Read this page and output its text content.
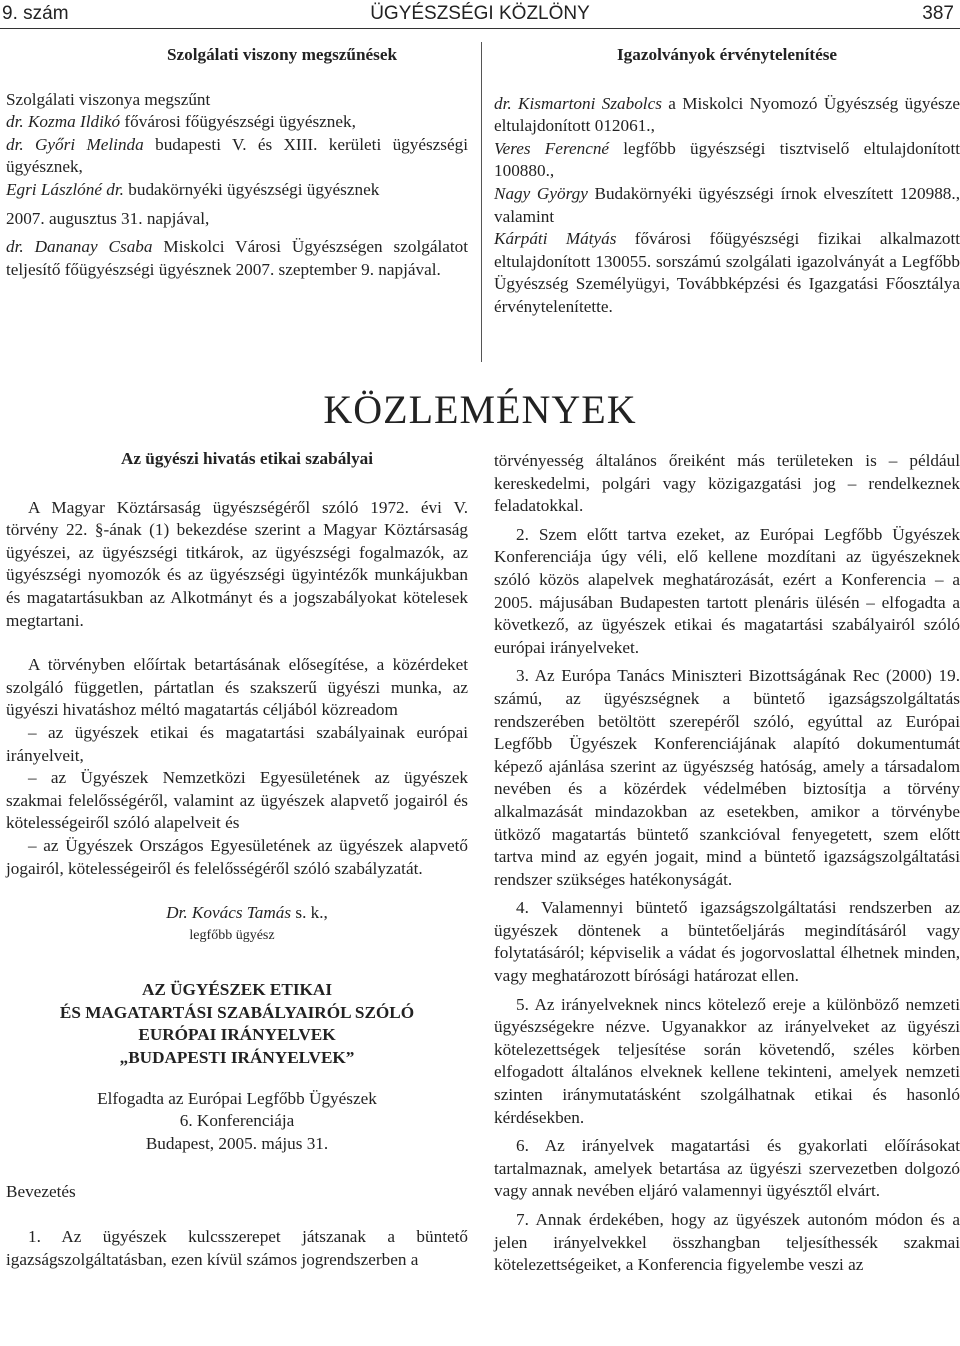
ÜGYÉSZSÉGI KÖZLÖNY
9. szám	387

Szolgálati viszony megszűnések

Szolgálati viszonya megszűnt

dr. Kozma Ildikó fővárosi főügyészségi ügyésznek,

dr. Győri Melinda budapesti V. és XIII. kerületi ügyészségi ügyésznek,

Egri Lászlóné dr. budakörnyéki ügyészségi ügyésznek

2007. augusztus 31. napjával,

dr. Dananay Csaba Miskolci Városi Ügyészségen szolgálatot teljesítő főügyészségi ügyésznek 2007. szeptember 9. napjával.

Igazolványok érvénytelenítése

dr. Kismartoni Szabolcs a Miskolci Nyomozó Ügyészség ügyésze eltulajdonított 012061.,

Veres Ferencné legfőbb ügyészségi tisztviselő eltulajdonított 100880.,

Nagy György Budakörnyéki ügyészségi írnok elveszített 120988., valamint

Kárpáti Mátyás fővárosi főügyészségi fizikai alkalmazott eltulajdonított 130055. sorszámú szolgálati igazolványát a Legfőbb Ügyészség Személyügyi, Továbbképzési és Igazgatási Főosztálya érvénytelenítette.

KÖZLEMÉNYEK

Az ügyészi hivatás etikai szabályai

A Magyar Köztársaság ügyészségéről szóló 1972. évi V. törvény 22. §-ának (1) bekezdése szerint a Magyar Köztársaság ügyészei, az ügyészségi titkárok, az ügyészségi fogalmazók, az ügyészségi nyomozók és az ügyészségi ügyintézők munkájukban és magatartásukban az Alkotmányt és a jogszabályokat kötelesek megtartani.

A törvényben előírtak betartásának elősegítése, a közérdeket szolgáló független, pártatlan és szakszerű ügyészi munka, az ügyészi hivatáshoz méltó magatartás céljából közreadom

– az ügyészek etikai és magatartási szabályainak európai irányelveit,

– az Ügyészek Nemzetközi Egyesületének az ügyészek szakmai felelősségéről, valamint az ügyészek alapvető jogairól és kötelességeiről szóló alapelveit és

– az Ügyészek Országos Egyesületének az ügyészek alapvető jogairól, kötelességeiről és felelősségéről szóló szabályzatát.

Dr. Kovács Tamás s. k.,

legfőbb ügyész

AZ ÜGYÉSZEK ETIKAI

ÉS MAGATARTÁSI SZABÁLYAIRÓL SZÓLÓ

EURÓPAI IRÁNYELVEK

„BUDAPESTI IRÁNYELVEK”

Elfogadta az Európai Legfőbb Ügyészek

6. Konferenciája

Budapest, 2005. május 31.

Bevezetés

1. Az ügyészek kulcsszerepet játszanak a büntető igazságszolgáltatásban, ezen kívül számos jogrendszerben a

törvényesség általános őreiként más területeken is – például kereskedelmi, polgári vagy közigazgatási jog – rendelkeznek feladatokkal.

2. Szem előtt tartva ezeket, az Európai Legfőbb Ügyészek Konferenciája úgy véli, elő kellene mozdítani az ügyészeknek szóló közös alapelvek meghatározását, ezért a Konferencia – a 2005. májusában Budapesten tartott plenáris ülésén – elfogadta a következő, az ügyészek etikai és magatartási szabályairól szóló európai irányelveket.

3. Az Európa Tanács Miniszteri Bizottságának Rec (2000) 19. számú, az ügyészségnek a büntető igazságszolgáltatás rendszerében betöltött szerepéről szóló, egyúttal az Európai Legfőbb Ügyészek Konferenciájának alapító dokumentumát képező ajánlása szerint az ügyészség hatóság, amely a társadalom nevében és a közérdek védelmében biztosítja a törvény alkalmazását mindazokban az esetekben, amikor a törvénybe ütköző magatartás büntető szankcióval fenyegetett, szem előtt tartva mind az egyén jogait, mind a büntető igazságszolgáltatási rendszer szükséges hatékonyságát.

4. Valamennyi büntető igazságszolgáltatási rendszerben az ügyészek döntenek a büntetőeljárás megindításáról vagy folytatásáról; képviselik a vádat és jogorvoslattal élhetnek minden, vagy meghatározott bírósági határozat ellen.

5. Az irányelveknek nincs kötelező ereje a különböző nemzeti ügyészségekre nézve. Ugyanakkor az irányelveket az ügyészi kötelezettségek teljesítése során követendő, széles körben elfogadott általános elveknek kellene tekinteni, amelyek nemzeti szinten iránymutatásként szolgálhatnak etikai és hasonló kérdésekben.

6. Az irányelvek magatartási és gyakorlati előírásokat tartalmaznak, amelyek betartása az ügyészi szervezetben dolgozó vagy annak nevében eljáró valamennyi ügyésztől elvárt.

7. Annak érdekében, hogy az ügyészek autonóm módon és a jelen irányelvekkel összhangban teljesíthessék szakmai kötelezettségeiket, a Konferencia figyelembe veszi az
